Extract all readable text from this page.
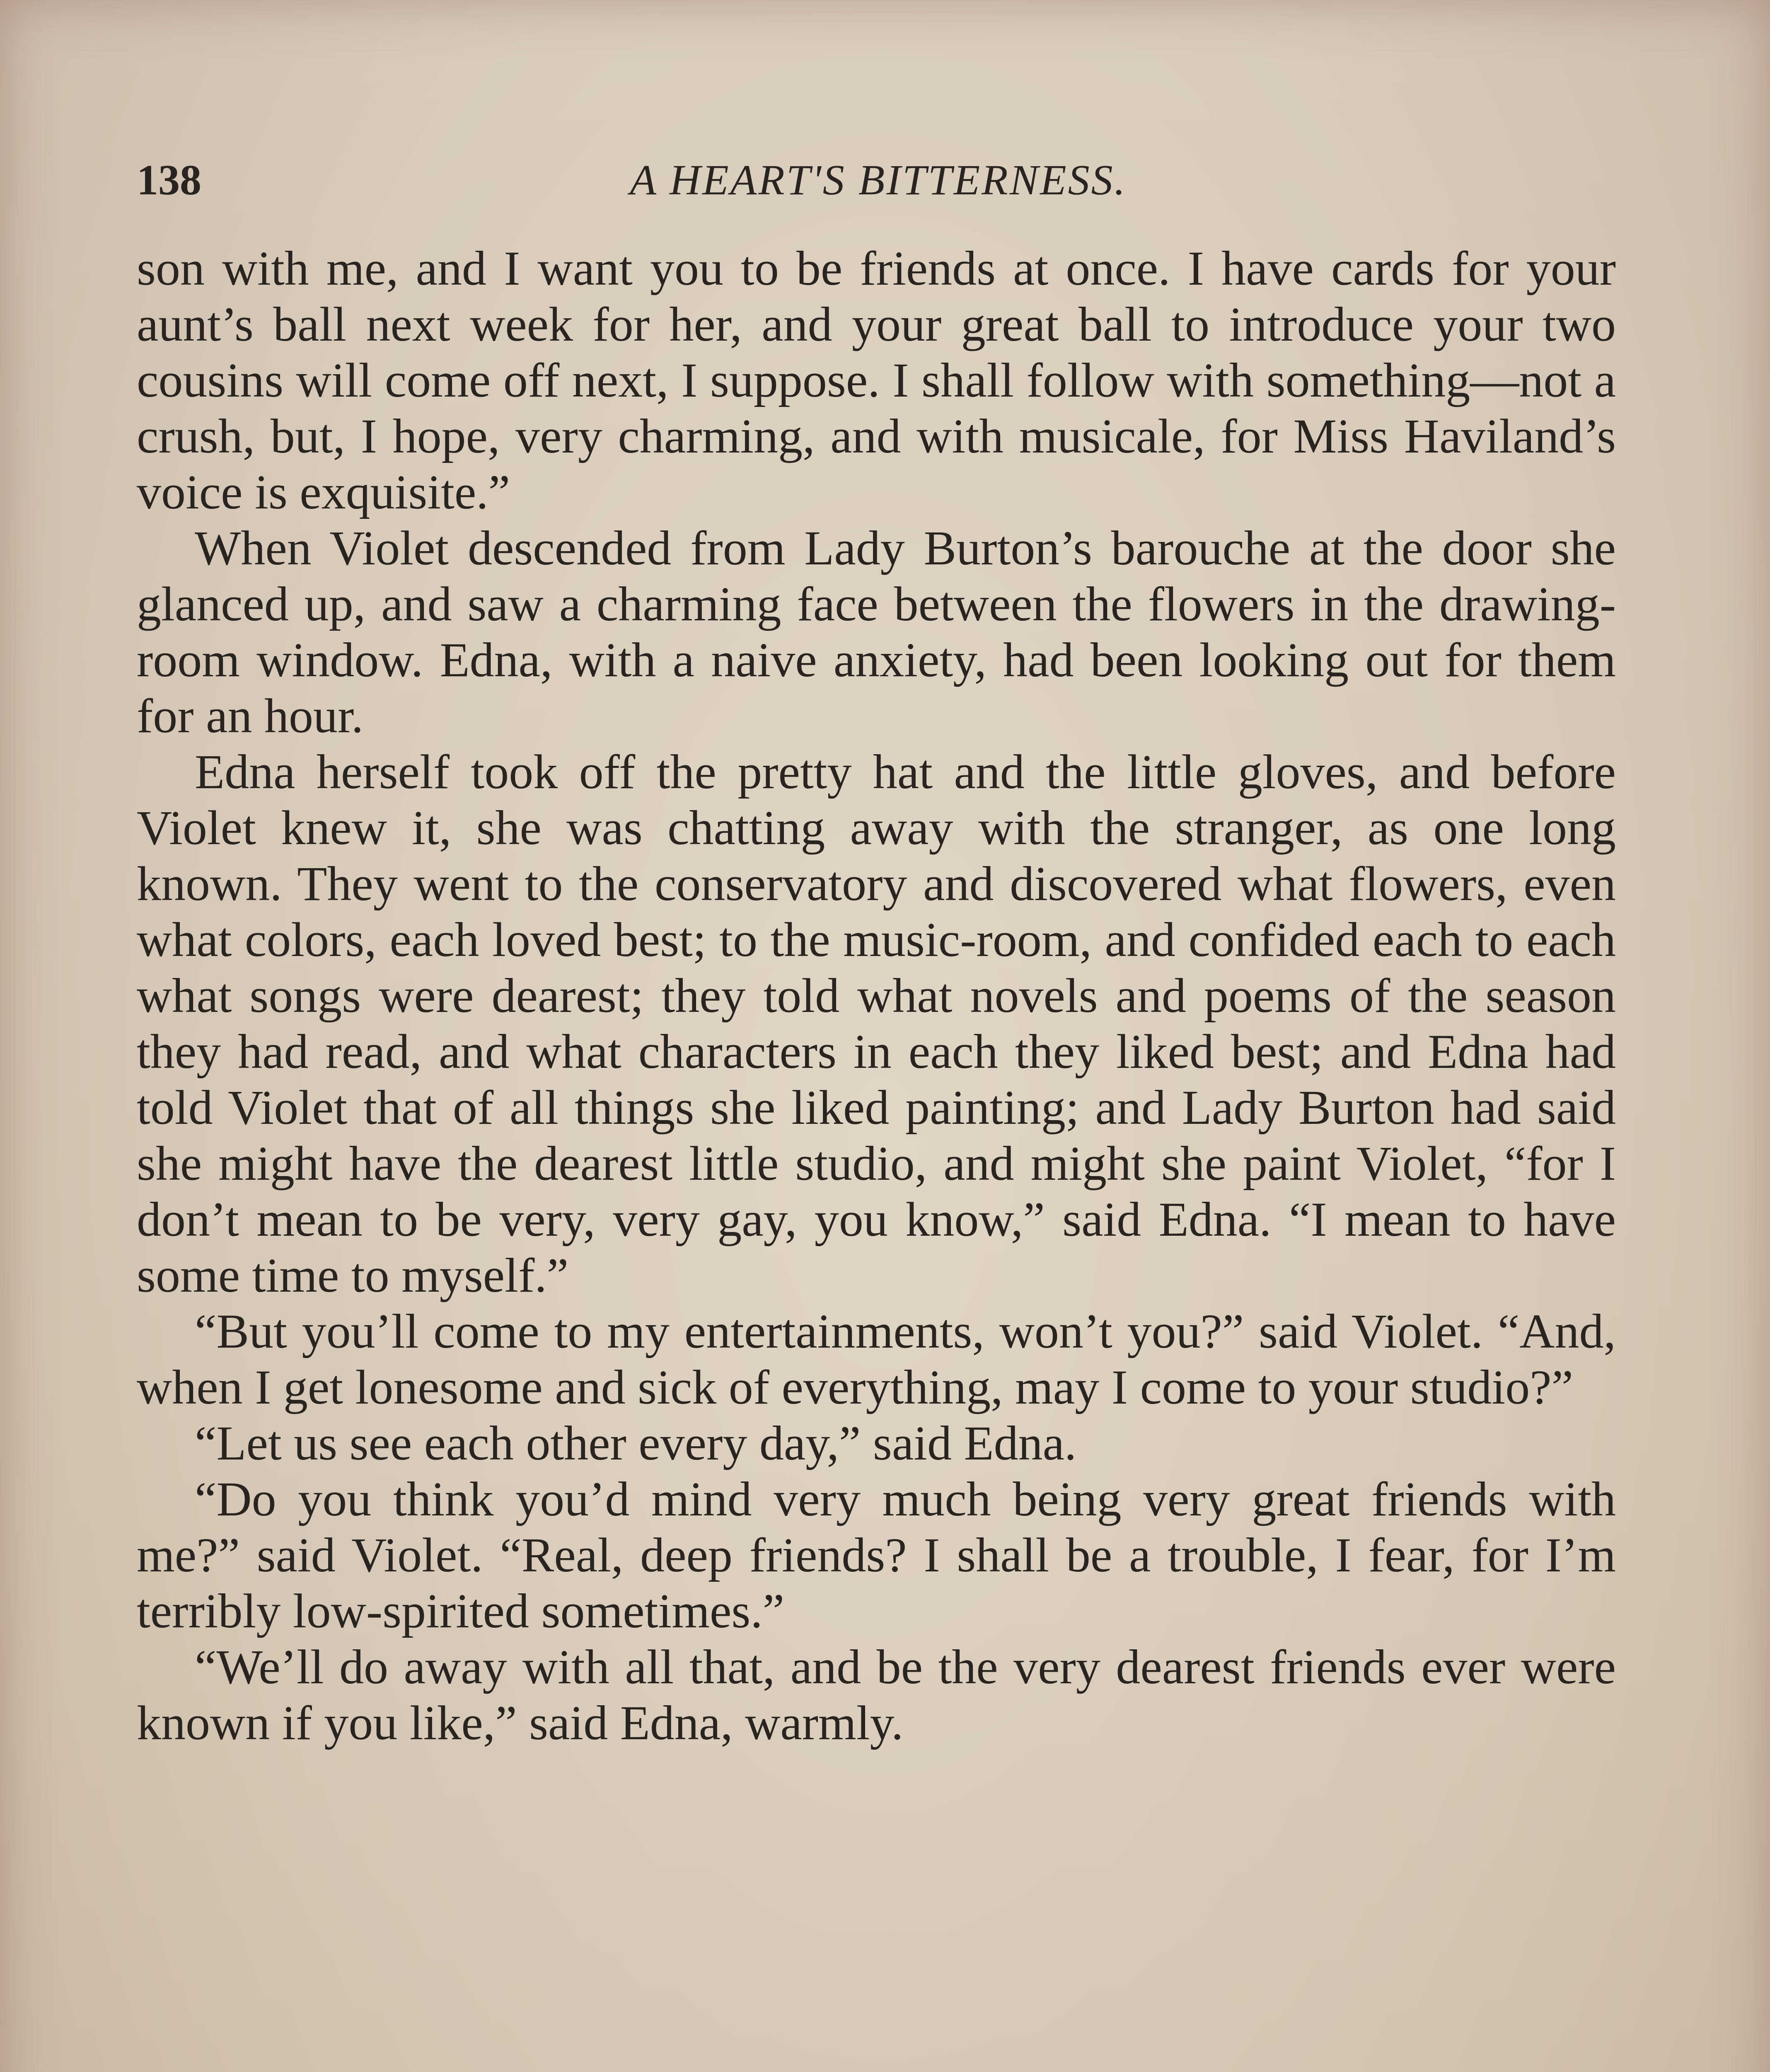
138	A HEART'S BITTERNESS.

son with me, and I want you to be friends at once. I have cards for your aunt’s ball next week for her, and your great ball to introduce your two cousins will come off next, I suppose. I shall follow with something—not a crush, but, I hope, very charming, and with musicale, for Miss Haviland’s voice is exquisite.”

When Violet descended from Lady Burton’s barouche at the door she glanced up, and saw a charming face between the flowers in the drawing-room window. Edna, with a naive anxiety, had been looking out for them for an hour.

Edna herself took off the pretty hat and the little gloves, and before Violet knew it, she was chatting away with the stranger, as one long known. They went to the conservatory and discovered what flowers, even what colors, each loved best; to the music-room, and confided each to each what songs were dearest; they told what novels and poems of the season they had read, and what characters in each they liked best; and Edna had told Violet that of all things she liked painting; and Lady Burton had said she might have the dearest little studio, and might she paint Violet, “for I don’t mean to be very, very gay, you know,” said Edna. “I mean to have some time to myself.”

“But you’ll come to my entertainments, won’t you?” said Violet. “And, when I get lonesome and sick of everything, may I come to your studio?”

“Let us see each other every day,” said Edna.

“Do you think you’d mind very much being very great friends with me?” said Violet. “Real, deep friends? I shall be a trouble, I fear, for I’m terribly low-spirited sometimes.”

“We’ll do away with all that, and be the very dearest friends ever were known if you like,” said Edna, warmly.
